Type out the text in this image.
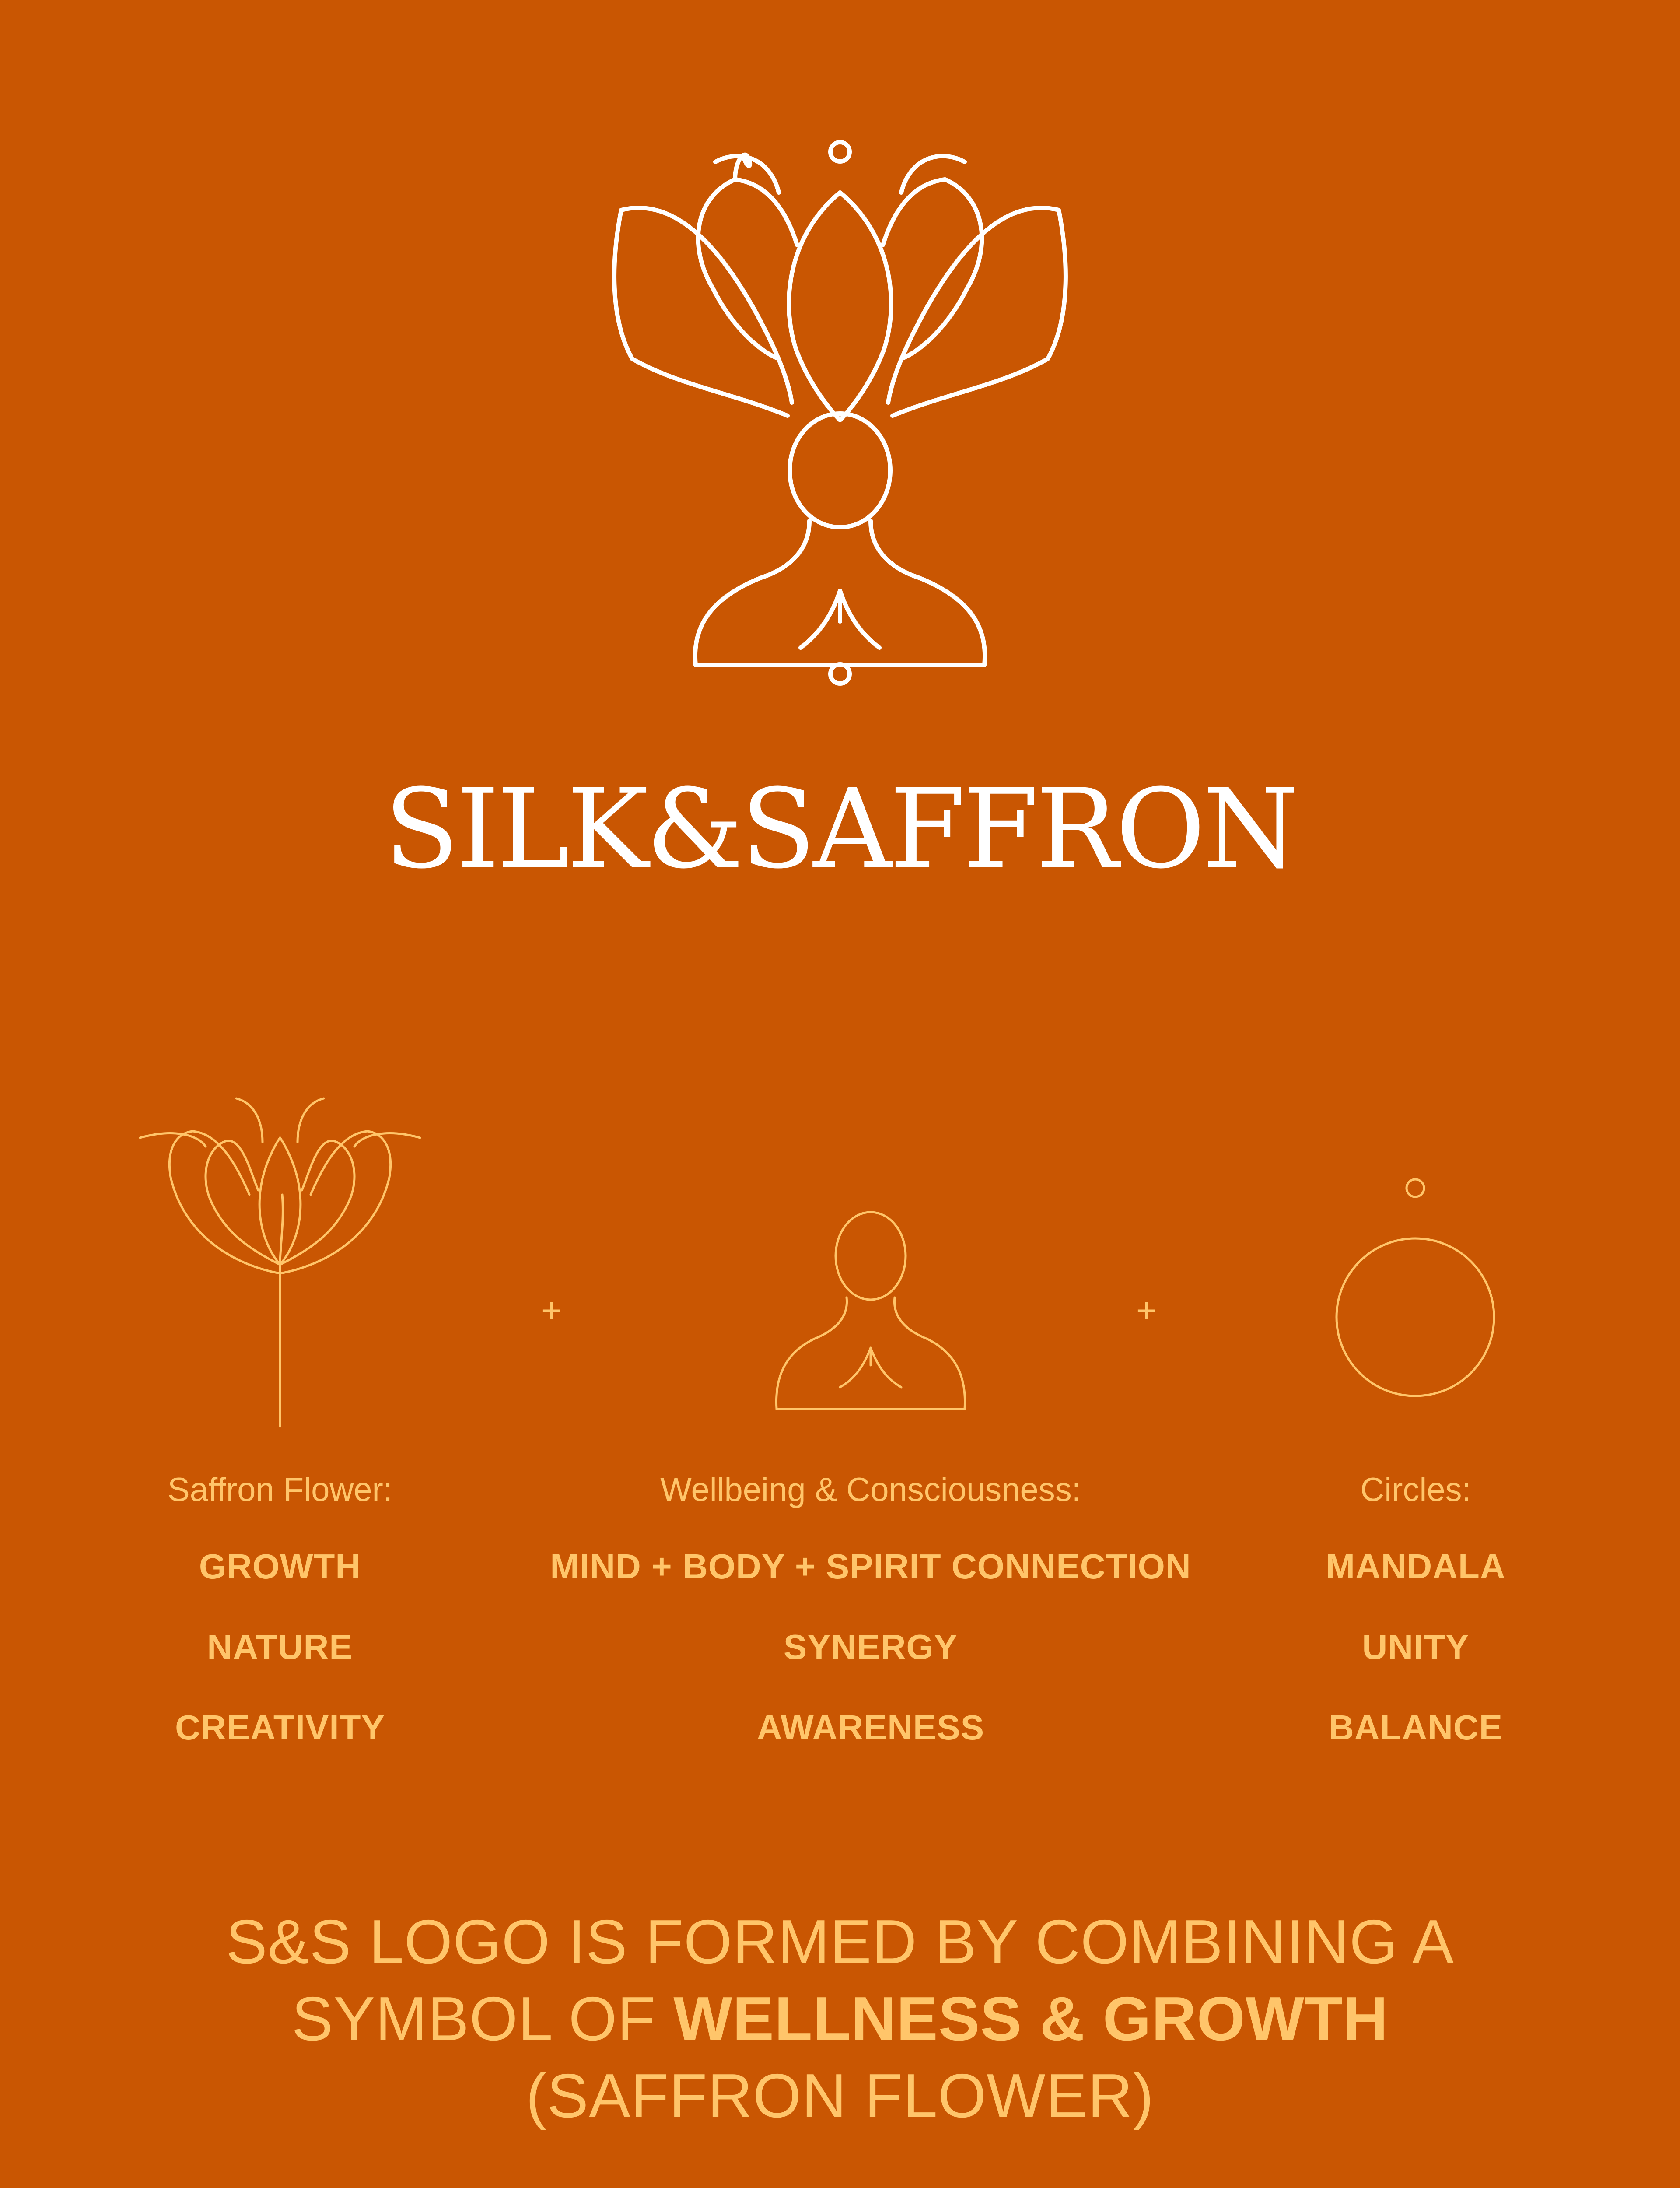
SILK&SAFFRON
+	+
Saffron Flower:
GROWTH
NATURE
CREATIVITY
Wellbeing & Consciousness:
MIND + BODY + SPIRIT CONNECTION
SYNERGY
AWARENESS
Circles:
MANDALA
UNITY
BALANCE
S&S LOGO IS FORMED BY COMBINING A
SYMBOL OF WELLNESS & GROWTH
(SAFFRON FLOWER)
